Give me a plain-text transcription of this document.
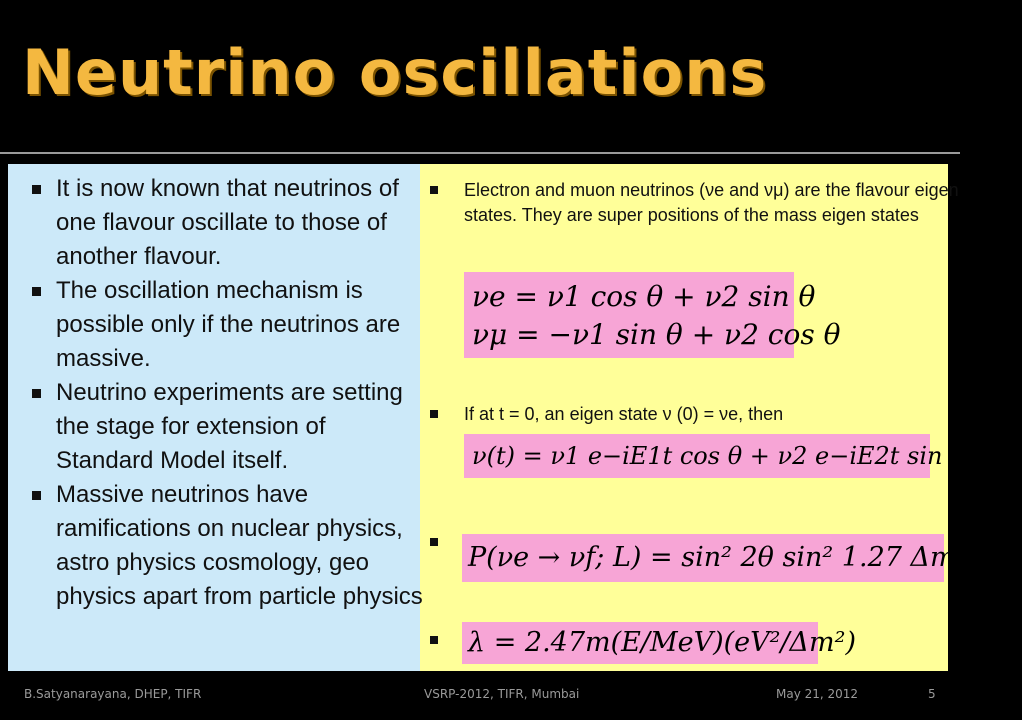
Neutrino oscillations
It is now known that neutrinos of one flavour oscillate to those of another flavour.
The oscillation mechanism is possible only if the neutrinos are massive.
Neutrino experiments are setting the stage for extension of Standard Model itself.
Massive neutrinos have ramifications on nuclear physics, astro physics cosmology, geo physics apart from particle physics
Electron and muon neutrinos (νe and νμ) are the flavour eigen states. They are super positions of the mass eigen states
νe = ν1 cos θ + ν2 sin θ
νμ = −ν1 sin θ + ν2 cos θ
If at t = 0, an eigen state ν (0) = νe, then
ν(t) = ν1 e−iE1t cos θ + ν2 e−iE2t sin θ
P(νe → νf; L) = sin² 2θ sin² 1.27 Δm² L/E
λ = 2.47m(E/MeV)(eV²/Δm²)
B.Satyanarayana, DHEP, TIFR	VSRP-2012, TIFR, Mumbai	May 21, 2012	5
